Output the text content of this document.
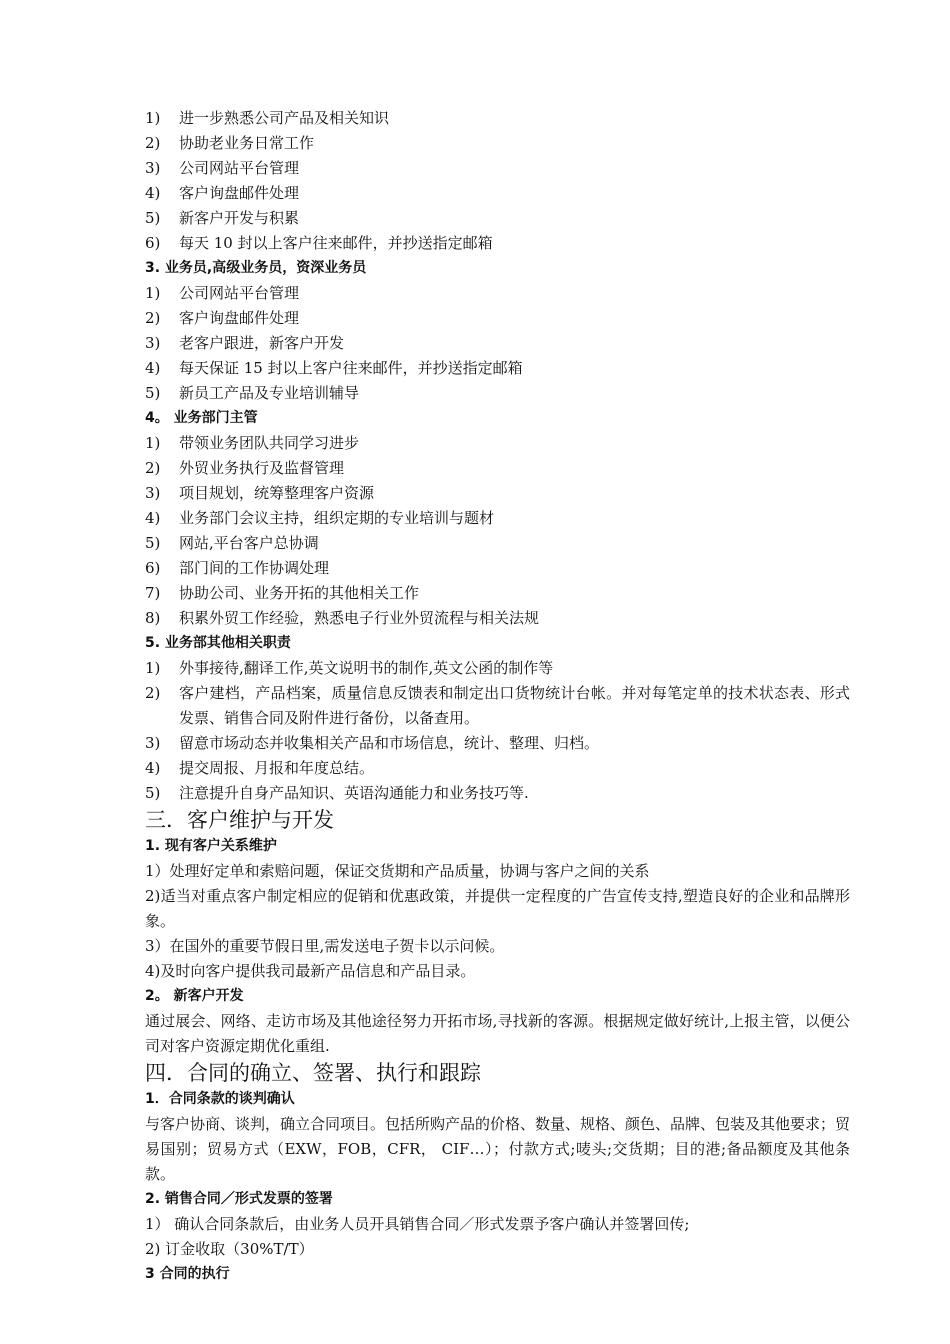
1)	进一步熟悉公司产品及相关知识
2)	协助老业务日常工作
3)	公司网站平台管理
4)	客户询盘邮件处理
5)	新客户开发与积累
6)	每天 10 封以上客户往来邮件，并抄送指定邮箱
3. 业务员,高级业务员，资深业务员
1)	公司网站平台管理
2)	客户询盘邮件处理
3)	老客户跟进，新客户开发
4)	每天保证 15 封以上客户往来邮件，并抄送指定邮箱
5)	新员工产品及专业培训辅导
4。 业务部门主管
1)	带领业务团队共同学习进步
2)	外贸业务执行及监督管理
3)	项目规划，统筹整理客户资源
4)	业务部门会议主持，组织定期的专业培训与题材
5)	网站,平台客户总协调
6)	部门间的工作协调处理
7)	协助公司、业务开拓的其他相关工作
8)	积累外贸工作经验，熟悉电子行业外贸流程与相关法规
5. 业务部其他相关职责
1)	外事接待,翻译工作,英文说明书的制作,英文公函的制作等
2)	客户建档，产品档案，质量信息反馈表和制定出口货物统计台帐。并对每笔定单的技术状态表、形式发票、销售合同及附件进行备份，以备查用。
3)	留意市场动态并收集相关产品和市场信息，统计、整理、归档。
4)	提交周报、月报和年度总结。
5)	注意提升自身产品知识、英语沟通能力和业务技巧等.
三．客户维护与开发
1. 现有客户关系维护
1）处理好定单和索赔问题，保证交货期和产品质量，协调与客户之间的关系
2)适当对重点客户制定相应的促销和优惠政策，并提供一定程度的广告宣传支持,塑造良好的企业和品牌形象。
3）在国外的重要节假日里,需发送电子贺卡以示问候。
4)及时向客户提供我司最新产品信息和产品目录。
2。 新客户开发
通过展会、网络、走访市场及其他途径努力开拓市场,寻找新的客源。根据规定做好统计,上报主管，以便公司对客户资源定期优化重组.
四．合同的确立、签署、执行和跟踪
1．合同条款的谈判确认
与客户协商、谈判，确立合同项目。包括所购产品的价格、数量、规格、颜色、品牌、包装及其他要求；贸易国别；贸易方式（EXW，FOB，CFR， CIF…）；付款方式;唛头;交货期；目的港;备品额度及其他条款。
2. 销售合同／形式发票的签署
1） 确认合同条款后，由业务人员开具销售合同／形式发票予客户确认并签署回传;
2) 订金收取（30%T/T）
3 合同的执行
